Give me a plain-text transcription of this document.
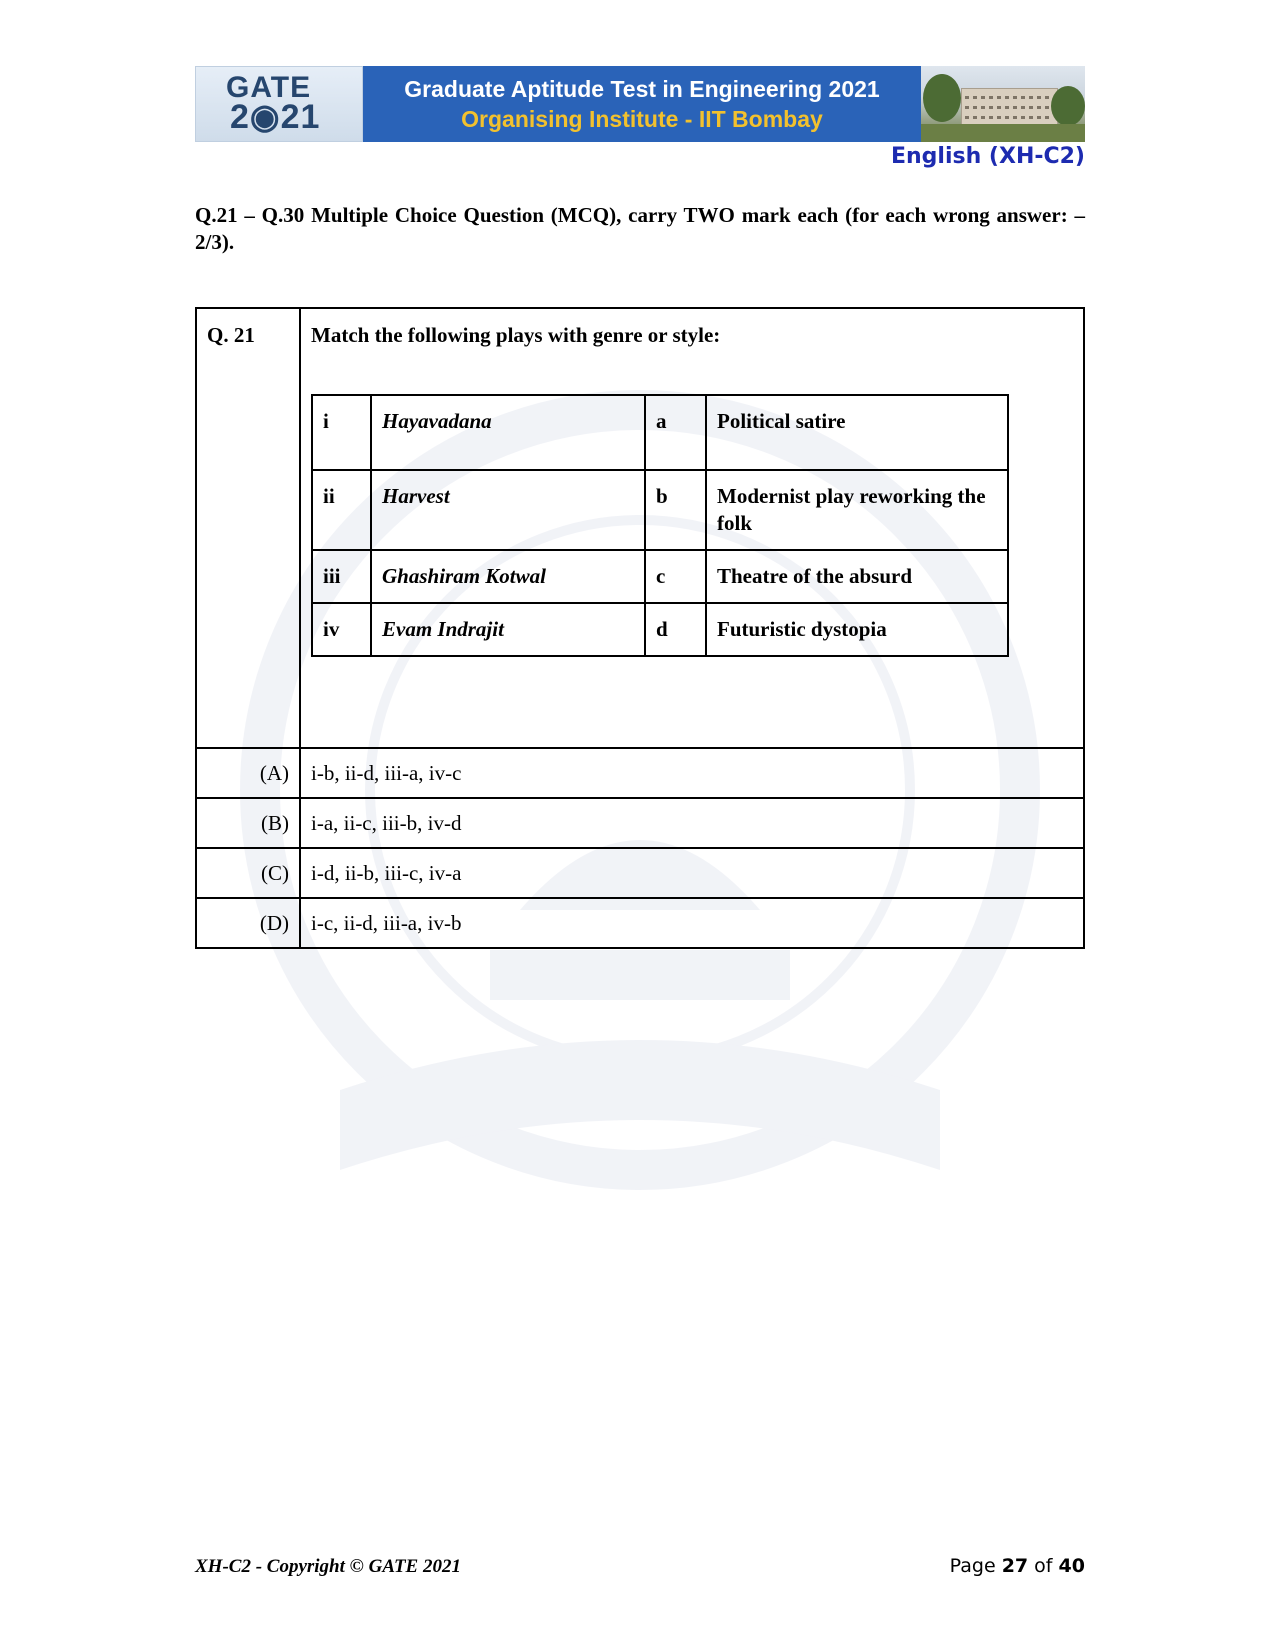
GATE
2◉21
Graduate Aptitude Test in Engineering 2021
Organising Institute - IIT Bombay
English (XH-C2)
Q.21 – Q.30 Multiple Choice Question (MCQ), carry TWO mark each (for each wrong answer: – 2/3).
Q. 21	Match the following plays with genre or style:
i	Hayavadana	a	Political satire
ii	Harvest	b	Modernist play reworking the folk
iii	Ghashiram Kotwal	c	Theatre of the absurd
iv	Evam Indrajit	d	Futuristic dystopia

(A)	i-b, ii-d, iii-a, iv-c
(B)	i-a, ii-c, iii-b, iv-d
(C)	i-d, ii-b, iii-c, iv-a
(D)	i-c, ii-d, iii-a, iv-b
XH-C2 - Copyright © GATE 2021	Page 27 of 40
